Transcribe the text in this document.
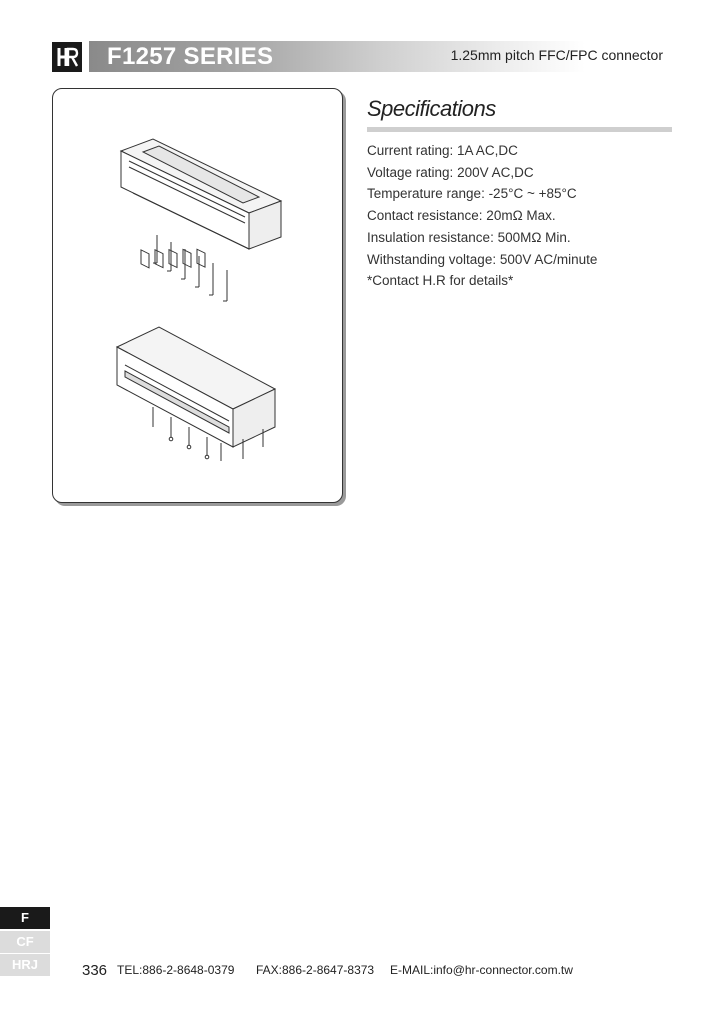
F1257 SERIES	1.25mm pitch FFC/FPC connector
Specifications
Current rating: 1A AC,DC
Voltage rating: 200V AC,DC
Temperature range: -25°C ~ +85°C
Contact resistance: 20mΩ Max.
Insulation resistance: 500MΩ Min.
Withstanding voltage: 500V AC/minute
*Contact H.R for details*
F
CF
HRJ	336 TEL:886-2-8648-0379 FAX:886-2-8647-8373 E-MAIL:info@hr-connector.com.tw
